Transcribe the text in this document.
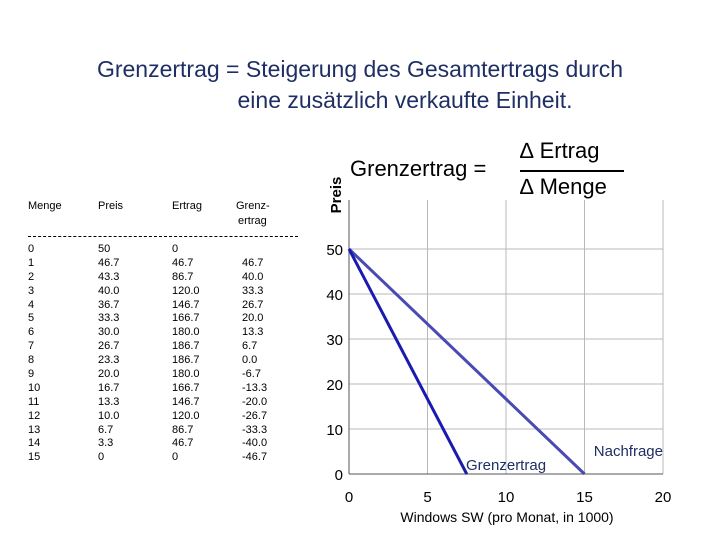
Grenzertrag = Steigerung des Gesamtertrags durch
eine zusätzlich verkaufte Einheit.
Grenzertrag =
∆ Ertrag
∆ Menge
Menge	Preis	Ertrag	Grenz-
ertrag
0	50	0
1	46.7	46.7	46.7
2	43.3	86.7	40.0
3	40.0	120.0	33.3
4	36.7	146.7	26.7
5	33.3	166.7	20.0
6	30.0	180.0	13.3
7	26.7	186.7	6.7
8	23.3	186.7	0.0
9	20.0	180.0	-6.7
10	16.7	166.7	-13.3
11	13.3	146.7	-20.0
12	10.0	120.0	-26.7
13	6.7	86.7	-33.3
14	3.3	46.7	-40.0
15	0	0	-46.7
0
10
20
30
40
50
0	5	10	15	20
Windows SW (pro Monat, in 1000)
Preis
Nachfrage
Grenzertrag
